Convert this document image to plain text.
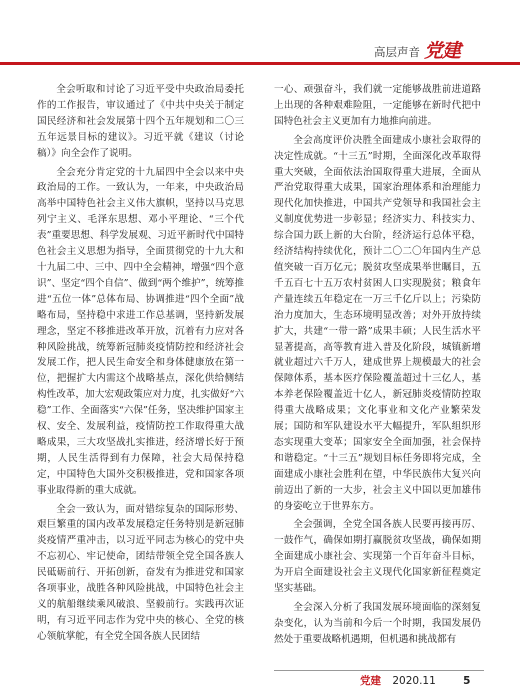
高层声音 党建

全会听取和讨论了习近平受中央政治局委托作的工作报告，审议通过了《中共中央关于制定国民经济和社会发展第十四个五年规划和二〇三五年远景目标的建议》。习近平就《建议（讨论稿）》向全会作了说明。

全会充分肯定党的十九届四中全会以来中央政治局的工作。一致认为，一年来，中央政治局高举中国特色社会主义伟大旗帜，坚持以马克思列宁主义、毛泽东思想、邓小平理论、“三个代表”重要思想、科学发展观、习近平新时代中国特色社会主义思想为指导，全面贯彻党的十九大和十九届二中、三中、四中全会精神，增强“四个意识”、坚定“四个自信”、做到“两个维护”，统筹推进“五位一体”总体布局、协调推进“四个全面”战略布局，坚持稳中求进工作总基调，坚持新发展理念，坚定不移推进改革开放，沉着有力应对各种风险挑战，统筹新冠肺炎疫情防控和经济社会发展工作，把人民生命安全和身体健康放在第一位，把握扩大内需这个战略基点，深化供给侧结构性改革，加大宏观政策应对力度，扎实做好“六稳”工作、全面落实“六保”任务，坚决维护国家主权、安全、发展利益，疫情防控工作取得重大战略成果，三大攻坚战扎实推进，经济增长好于预期，人民生活得到有力保障，社会大局保持稳定，中国特色大国外交积极推进，党和国家各项事业取得新的重大成就。

全会一致认为，面对错综复杂的国际形势、艰巨繁重的国内改革发展稳定任务特别是新冠肺炎疫情严重冲击，以习近平同志为核心的党中央不忘初心、牢记使命，团结带领全党全国各族人民砥砺前行、开拓创新，奋发有为推进党和国家各项事业，战胜各种风险挑战，中国特色社会主义的航船继续乘风破浪、坚毅前行。实践再次证明，有习近平同志作为党中央的核心、全党的核心领航掌舵，有全党全国各族人民团结

一心、顽强奋斗，我们就一定能够战胜前进道路上出现的各种艰难险阻，一定能够在新时代把中国特色社会主义更加有力地推向前进。

全会高度评价决胜全面建成小康社会取得的决定性成就。“十三五”时期，全面深化改革取得重大突破，全面依法治国取得重大进展，全面从严治党取得重大成果，国家治理体系和治理能力现代化加快推进，中国共产党领导和我国社会主义制度优势进一步彰显；经济实力、科技实力、综合国力跃上新的大台阶，经济运行总体平稳，经济结构持续优化，预计二〇二〇年国内生产总值突破一百万亿元；脱贫攻坚成果举世瞩目，五千五百七十五万农村贫困人口实现脱贫；粮食年产量连续五年稳定在一万三千亿斤以上；污染防治力度加大，生态环境明显改善；对外开放持续扩大，共建“一带一路”成果丰硕；人民生活水平显著提高，高等教育进入普及化阶段，城镇新增就业超过六千万人，建成世界上规模最大的社会保障体系，基本医疗保险覆盖超过十三亿人，基本养老保险覆盖近十亿人，新冠肺炎疫情防控取得重大战略成果；文化事业和文化产业繁荣发展；国防和军队建设水平大幅提升，军队组织形态实现重大变革；国家安全全面加强，社会保持和谐稳定。“十三五”规划目标任务即将完成，全面建成小康社会胜利在望，中华民族伟大复兴向前迈出了新的一大步，社会主义中国以更加雄伟的身姿屹立于世界东方。

全会强调，全党全国各族人民要再接再厉、一鼓作气，确保如期打赢脱贫攻坚战，确保如期全面建成小康社会、实现第一个百年奋斗目标，为开启全面建设社会主义现代化国家新征程奠定坚实基础。

全会深入分析了我国发展环境面临的深刻复杂变化，认为当前和今后一个时期，我国发展仍然处于重要战略机遇期，但机遇和挑战都有

党建 2020.11	5
